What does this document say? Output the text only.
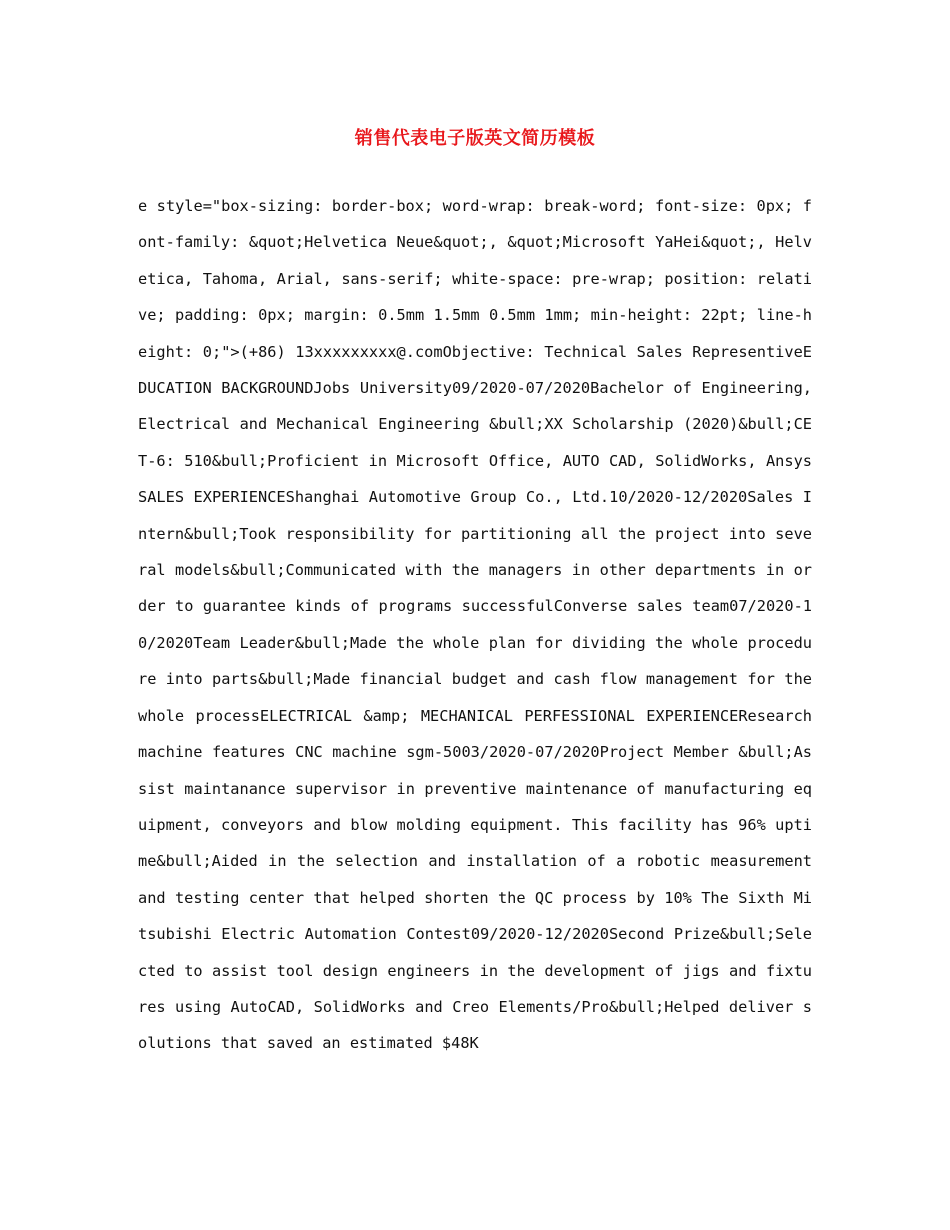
销售代表电子版英文简历模板

e style="box-sizing: border-box; word-wrap: break-word; font-size: 0px; font-family: &quot;Helvetica Neue&quot;, &quot;Microsoft YaHei&quot;, Helvetica, Tahoma, Arial, sans-serif; white-space: pre-wrap; position: relative; padding: 0px; margin: 0.5mm 1.5mm 0.5mm 1mm; min-height: 22pt; line-height: 0;">(+86) 13xxxxxxxxx@.comObjective: Technical Sales RepresentiveEDUCATION BACKGROUNDJobs University09/2020-07/2020Bachelor of Engineering, Electrical and Mechanical Engineering &bull;XX Scholarship (2020)&bull;CET-6: 510&bull;Proficient in Microsoft Office, AUTO CAD, SolidWorks, AnsysSALES EXPERIENCEShanghai Automotive Group Co., Ltd.10/2020-12/2020Sales Intern&bull;Took responsibility for partitioning all the project into several models&bull;Communicated with the managers in other departments in order to guarantee kinds of programs successfulConverse sales team07/2020-10/2020Team Leader&bull;Made the whole plan for dividing the whole procedure into parts&bull;Made financial budget and cash flow management for the whole processELECTRICAL &amp; MECHANICAL PERFESSIONAL EXPERIENCEResearch machine features CNC machine sgm-5003/2020-07/2020Project Member &bull;Assist maintanance supervisor in preventive maintenance of manufacturing equipment, conveyors and blow molding equipment. This facility has 96% uptime&bull;Aided in the selection and installation of a robotic measurement and testing center that helped shorten the QC process by 10% The Sixth Mitsubishi Electric Automation Contest09/2020-12/2020Second Prize&bull;Selected to assist tool design engineers in the development of jigs and fixtures using AutoCAD, SolidWorks and Creo Elements/Pro&bull;Helped deliver solutions that saved an estimated $48K
